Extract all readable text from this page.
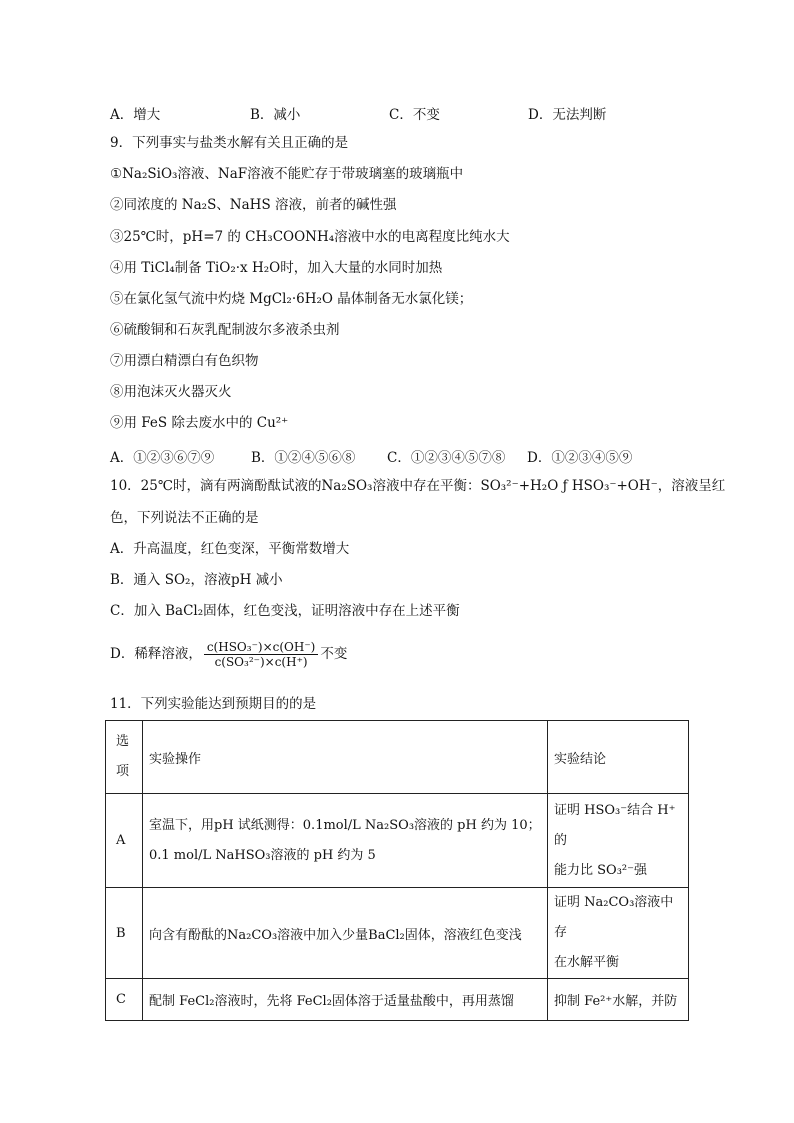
A．增大	B．减小	C．不变	D．无法判断
9．下列事实与盐类水解有关且正确的是
①Na₂SiO₃溶液、NaF溶液不能贮存于带玻璃塞的玻璃瓶中
②同浓度的 Na₂S、NaHS 溶液，前者的碱性强
③25℃时，pH=7 的 CH₃COONH₄溶液中水的电离程度比纯水大
④用 TiCl₄制备 TiO₂·x H₂O时，加入大量的水同时加热
⑤在氯化氢气流中灼烧 MgCl₂·6H₂O 晶体制备无水氯化镁；
⑥硫酸铜和石灰乳配制波尔多液杀虫剂
⑦用漂白精漂白有色织物
⑧用泡沫灭火器灭火
⑨用 FeS 除去废水中的 Cu²⁺
A．①②③⑥⑦⑨	B．①②④⑤⑥⑧ C．①②③④⑤⑦⑧ D．①②③④⑤⑨
10．25℃时，滴有两滴酚酞试液的Na₂SO₃溶液中存在平衡：SO₃²⁻+H₂O ƒ HSO₃⁻+OH⁻，溶液呈红
色，下列说法不正确的是
A．升高温度，红色变深，平衡常数增大
B．通入 SO₂，溶液pH 减小
C．加入 BaCl₂固体，红色变浅，证明溶液中存在上述平衡
D．稀释溶液， $\frac{\text{c(HSO₃⁻)×c(OH⁻)}}{\text{c(SO₃²⁻)×c(H⁺)}}$ 不变
11．下列实验能达到预期目的的是
选
项	实验操作	实验结论
A	室温下，用pH 试纸测得：0.1mol/L Na₂SO₃溶液的 pH 约为 10；
0.1 mol/L NaHSO₃溶液的 pH 约为 5	证明 HSO₃⁻结合 H⁺的
能力比 SO₃²⁻强

B	向含有酚酞的Na₂CO₃溶液中加入少量BaCl₂固体，溶液红色变浅	证明 Na₂CO₃溶液中存
在水解平衡

C	配制 FeCl₂溶液时，先将 FeCl₂固体溶于适量盐酸中，再用蒸馏	抑制 Fe²⁺水解，并防
